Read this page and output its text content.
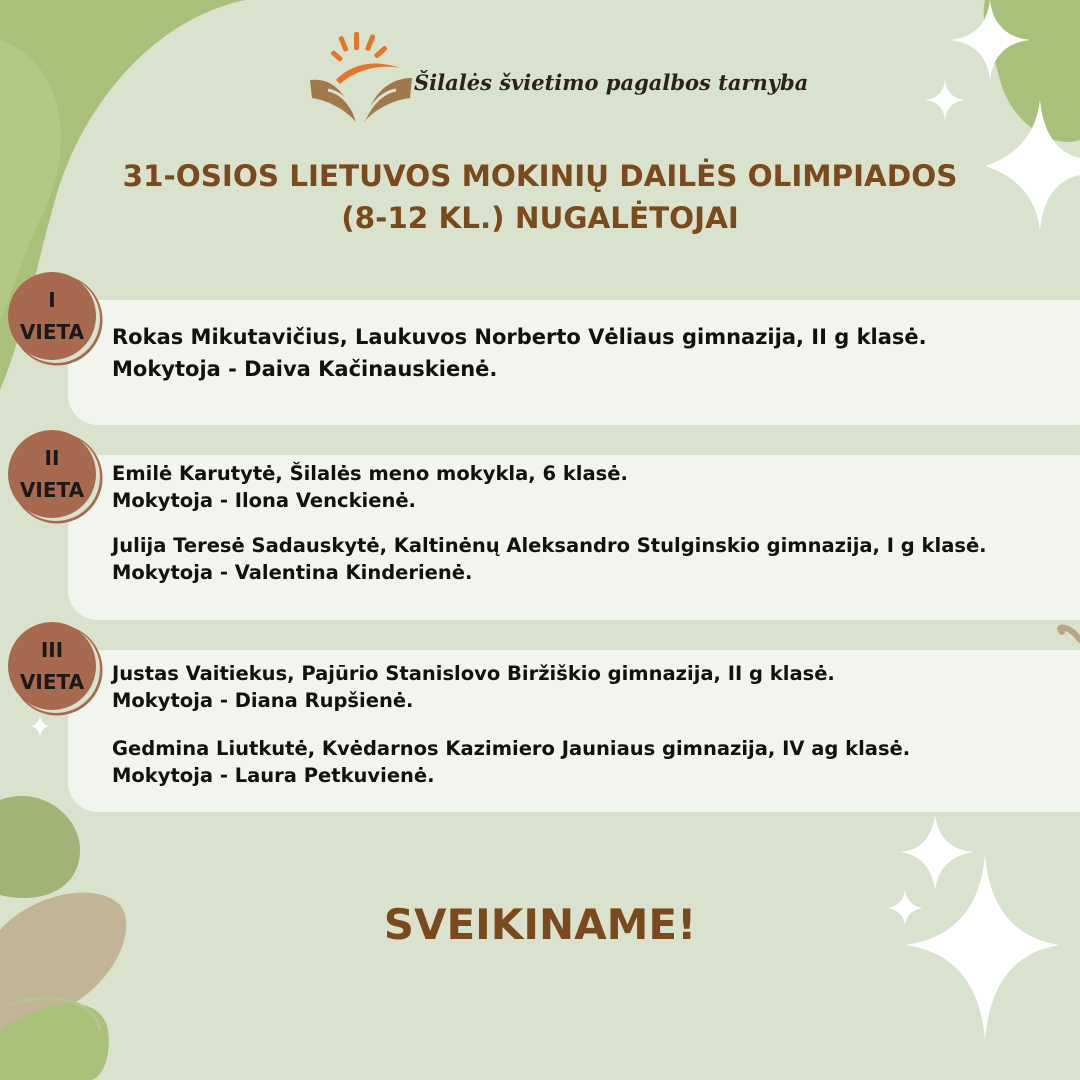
Šilalės švietimo pagalbos tarnyba
31-OSIOS LIETUVOS MOKINIŲ DAILĖS OLIMPIADOS
(8-12 KL.) NUGALĖTOJAI
I
VIETA Rokas Mikutavičius, Laukuvos Norberto Vėliaus gimnazija, II g klasė.
Mokytoja - Daiva Kačinauskienė.
II
VIETA
Emilė Karutytė, Šilalės meno mokykla, 6 klasė.
Mokytoja - Ilona Venckienė.
Julija Teresė Sadauskytė, Kaltinėnų Aleksandro Stulginskio gimnazija, I g klasė.
Mokytoja - Valentina Kinderienė.
III
VIETA Justas Vaitiekus, Pajūrio Stanislovo Biržiškio gimnazija, II g klasė.
Mokytoja - Diana Rupšienė.
Gedmina Liutkutė, Kvėdarnos Kazimiero Jauniaus gimnazija, IV ag klasė.
Mokytoja - Laura Petkuvienė.
SVEIKINAME!
